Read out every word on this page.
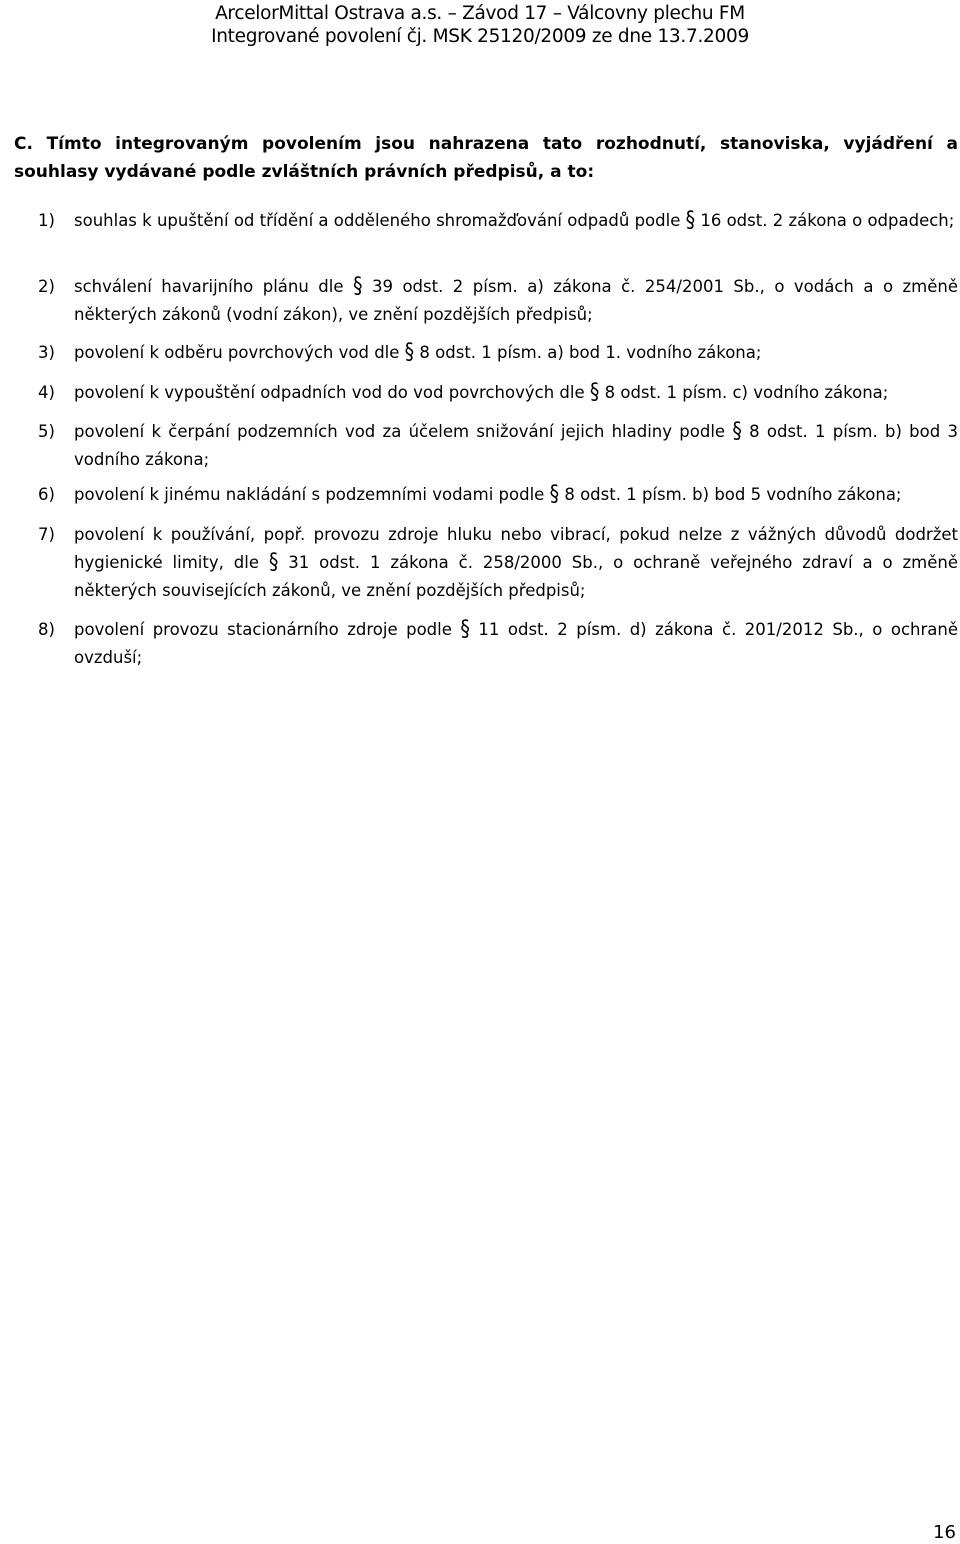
ArcelorMittal Ostrava a.s. – Závod 17 – Válcovny plechu FM
Integrované povolení čj. MSK 25120/2009 ze dne 13.7.2009
C. Tímto integrovaným povolením jsou nahrazena tato rozhodnutí, stanoviska, vyjádření a souhlasy vydávané podle zvláštních právních předpisů, a to:
1) souhlas k upuštění od třídění a odděleného shromažďování odpadů podle § 16 odst. 2 zákona o odpadech;
2) schválení havarijního plánu dle § 39 odst. 2 písm. a) zákona č. 254/2001 Sb., o vodách a o změně některých zákonů (vodní zákon), ve znění pozdějších předpisů;
3) povolení k odběru povrchových vod dle § 8 odst. 1 písm. a) bod 1. vodního zákona;
4) povolení k vypouštění odpadních vod do vod povrchových dle § 8 odst. 1 písm. c) vodního zákona;
5) povolení k čerpání podzemních vod za účelem snižování jejich hladiny podle § 8 odst. 1 písm. b) bod 3 vodního zákona;
6) povolení k jinému nakládání s podzemními vodami podle § 8 odst. 1 písm. b) bod 5 vodního zákona;
7) povolení k používání, popř. provozu zdroje hluku nebo vibrací, pokud nelze z vážných důvodů dodržet hygienické limity, dle § 31 odst. 1 zákona č. 258/2000 Sb., o ochraně veřejného zdraví a o změně některých souvisejících zákonů, ve znění pozdějších předpisů;
8) povolení provozu stacionárního zdroje podle § 11 odst. 2 písm. d) zákona č. 201/2012 Sb., o ochraně ovzduší;
16
